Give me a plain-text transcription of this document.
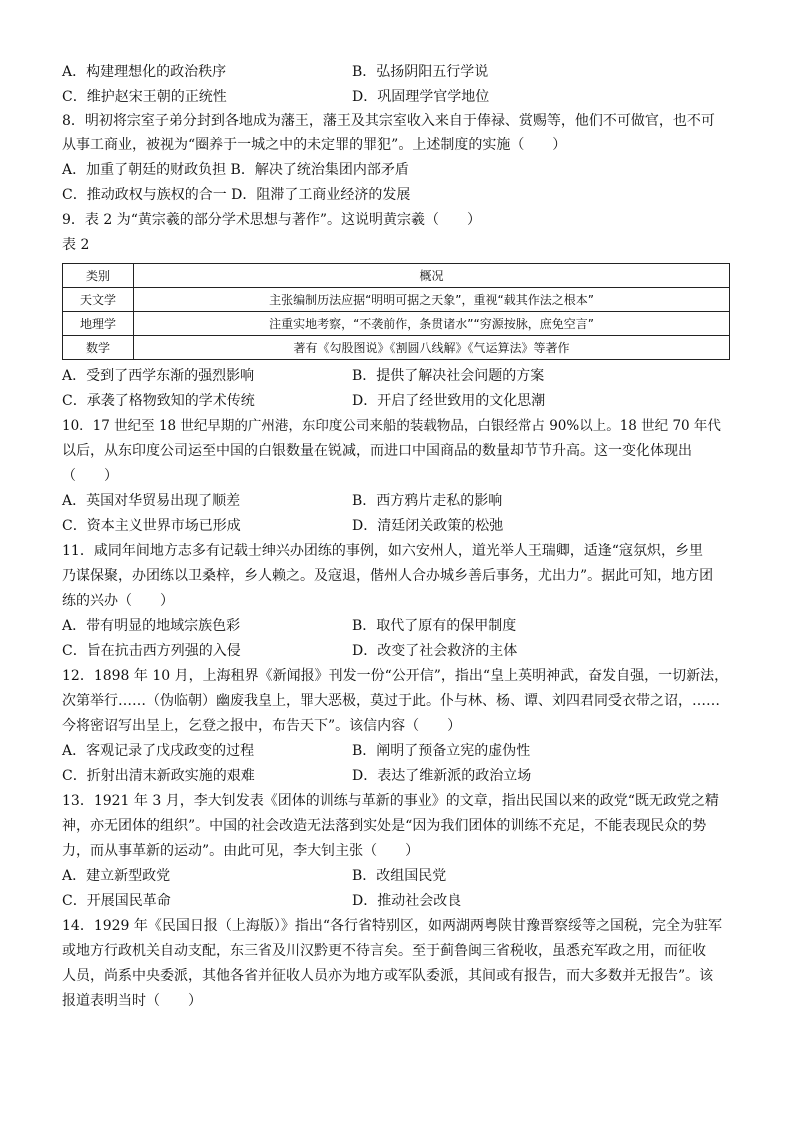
A．构建理想化的政治秩序	B．弘扬阴阳五行学说
C．维护赵宋王朝的正统性	D．巩固理学官学地位
8．明初将宗室子弟分封到各地成为藩王，藩王及其宗室收入来自于俸禄、赏赐等，他们不可做官，也不可
从事工商业，被视为“圈养于一城之中的未定罪的罪犯”。上述制度的实施（　　）
A．加重了朝廷的财政负担 B．解决了统治集团内部矛盾
C．推动政权与族权的合一 D．阻滞了工商业经济的发展
9．表 2 为“黄宗羲的部分学术思想与著作”。这说明黄宗羲（　　）
表 2
类别	概况
天文学	主张编制历法应据“明明可据之天象”，重视“载其作法之根本”
地理学	注重实地考察，“不袭前作，条贯诸水”“穷源按脉，庶免空言”
数学	著有《勾股图说》《割圆八线解》《气运算法》等著作
A．受到了西学东渐的强烈影响	B．提供了解决社会问题的方案
C．承袭了格物致知的学术传统	D．开启了经世致用的文化思潮
10．17 世纪至 18 世纪早期的广州港，东印度公司来船的装载物品，白银经常占 90%以上。18 世纪 70 年代
以后，从东印度公司运至中国的白银数量在锐减，而进口中国商品的数量却节节升高。这一变化体现出
（　　）
A．英国对华贸易出现了顺差	B．西方鸦片走私的影响
C．资本主义世界市场已形成	D．清廷闭关政策的松弛
11．咸同年间地方志多有记载士绅兴办团练的事例，如六安州人，道光举人王瑞卿，适逢“寇氛炽，乡里
乃谋保聚，办团练以卫桑梓，乡人赖之。及寇退，偕州人合办城乡善后事务，尤出力”。据此可知，地方团
练的兴办（　　）
A．带有明显的地域宗族色彩	B．取代了原有的保甲制度
C．旨在抗击西方列强的入侵	D．改变了社会救济的主体
12．1898 年 10 月，上海租界《新闻报》刊发一份“公开信”，指出“皇上英明神武，奋发自强，一切新法，
次第举行……（伪临朝）幽废我皇上，罪大恶极，莫过于此。仆与林、杨、谭、刘四君同受衣带之诏，……
今将密诏写出呈上，乞登之报中，布告天下”。该信内容（　　）
A．客观记录了戊戌政变的过程	B．阐明了预备立宪的虚伪性
C．折射出清末新政实施的艰难	D．表达了维新派的政治立场
13．1921 年 3 月，李大钊发表《团体的训练与革新的事业》的文章，指出民国以来的政党“既无政党之精
神，亦无团体的组织”。中国的社会改造无法落到实处是“因为我们团体的训练不充足，不能表现民众的势
力，而从事革新的运动”。由此可见，李大钊主张（　　）
A．建立新型政党	B．改组国民党
C．开展国民革命	D．推动社会改良
14．1929 年《民国日报（上海版）》指出“各行省特别区，如两湖两粤陕甘豫晋察绥等之国税，完全为驻军
或地方行政机关自动支配，东三省及川汉黔更不待言矣。至于蓟鲁闽三省税收，虽悉充军政之用，而征收
人员，尚系中央委派，其他各省并征收人员亦为地方或军队委派，其间或有报告，而大多数并无报告”。该
报道表明当时（　　）
